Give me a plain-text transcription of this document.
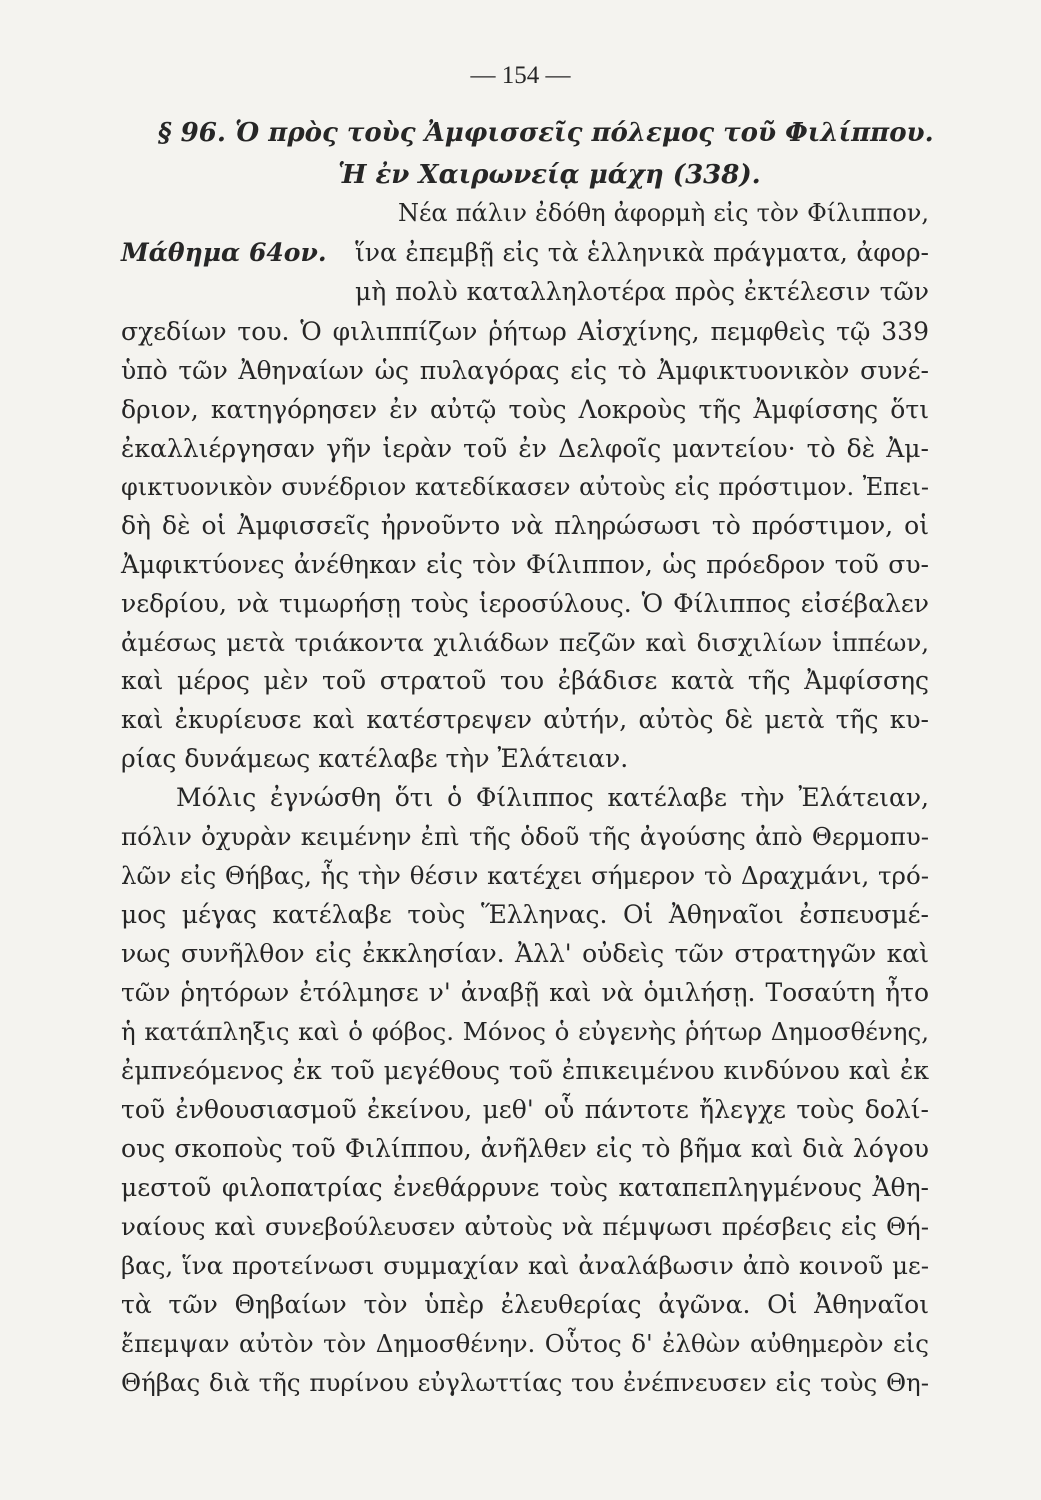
— 154 —
§ 96. Ὁ πρὸς τοὺς Ἀμφισσεῖς πόλεμος τοῦ Φιλίππου.
Ἡ ἐν Χαιρωνείᾳ μάχη (338).
Μάθημα 64ον.
Νέα πάλιν ἐδόθη ἀφορμὴ εἰς τὸν Φίλιππον,
ἵνα ἐπεμβῇ εἰς τὰ ἑλληνικὰ πράγματα, ἀφορ-
μὴ πολὺ καταλληλοτέρα πρὸς ἐκτέλεσιν τῶν
σχεδίων του. Ὁ φιλιππίζων ῥήτωρ Αἰσχίνης, πεμφθεὶς τῷ 339
ὑπὸ τῶν Ἀθηναίων ὡς πυλαγόρας εἰς τὸ Ἀμφικτυονικὸν συνέ-
δριον, κατηγόρησεν ἐν αὐτῷ τοὺς Λοκροὺς τῆς Ἀμφίσσης ὅτι
ἐκαλλιέργησαν γῆν ἱερὰν τοῦ ἐν Δελφοῖς μαντείου· τὸ δὲ Ἀμ-
φικτυονικὸν συνέδριον κατεδίκασεν αὐτοὺς εἰς πρόστιμον. Ἐπει-
δὴ δὲ οἱ Ἀμφισσεῖς ἠρνοῦντο νὰ πληρώσωσι τὸ πρόστιμον, οἱ
Ἀμφικτύονες ἀνέθηκαν εἰς τὸν Φίλιππον, ὡς πρόεδρον τοῦ συ-
νεδρίου, νὰ τιμωρήσῃ τοὺς ἱεροσύλους. Ὁ Φίλιππος εἰσέβαλεν
ἀμέσως μετὰ τριάκοντα χιλιάδων πεζῶν καὶ δισχιλίων ἱππέων,
καὶ μέρος μὲν τοῦ στρατοῦ του ἐβάδισε κατὰ τῆς Ἀμφίσσης
καὶ ἐκυρίευσε καὶ κατέστρεψεν αὐτήν, αὐτὸς δὲ μετὰ τῆς κυ-
ρίας δυνάμεως κατέλαβε τὴν Ἐλάτειαν.
Μόλις ἐγνώσθη ὅτι ὁ Φίλιππος κατέλαβε τὴν Ἐλάτειαν,
πόλιν ὀχυρὰν κειμένην ἐπὶ τῆς ὁδοῦ τῆς ἀγούσης ἀπὸ Θερμοπυ-
λῶν εἰς Θήβας, ἧς τὴν θέσιν κατέχει σήμερον τὸ Δραχμάνι, τρό-
μος μέγας κατέλαβε τοὺς Ἕλληνας. Οἱ Ἀθηναῖοι ἐσπευσμέ-
νως συνῆλθον εἰς ἐκκλησίαν. Ἀλλ' οὐδεὶς τῶν στρατηγῶν καὶ
τῶν ῥητόρων ἐτόλμησε ν' ἀναβῇ καὶ νὰ ὁμιλήσῃ. Τοσαύτη ἦτο
ἡ κατάπληξις καὶ ὁ φόβος. Μόνος ὁ εὐγενὴς ῥήτωρ Δημοσθένης,
ἐμπνεόμενος ἐκ τοῦ μεγέθους τοῦ ἐπικειμένου κινδύνου καὶ ἐκ
τοῦ ἐνθουσιασμοῦ ἐκείνου, μεθ' οὗ πάντοτε ἤλεγχε τοὺς δολί-
ους σκοποὺς τοῦ Φιλίππου, ἀνῆλθεν εἰς τὸ βῆμα καὶ διὰ λόγου
μεστοῦ φιλοπατρίας ἐνεθάρρυνε τοὺς καταπεπληγμένους Ἀθη-
ναίους καὶ συνεβούλευσεν αὐτοὺς νὰ πέμψωσι πρέσβεις εἰς Θή-
βας, ἵνα προτείνωσι συμμαχίαν καὶ ἀναλάβωσιν ἀπὸ κοινοῦ με-
τὰ τῶν Θηβαίων τὸν ὑπὲρ ἐλευθερίας ἀγῶνα. Οἱ Ἀθηναῖοι
ἔπεμψαν αὐτὸν τὸν Δημοσθένην. Οὗτος δ' ἐλθὼν αὐθημερὸν εἰς
Θήβας διὰ τῆς πυρίνου εὐγλωττίας του ἐνέπνευσεν εἰς τοὺς Θη-
